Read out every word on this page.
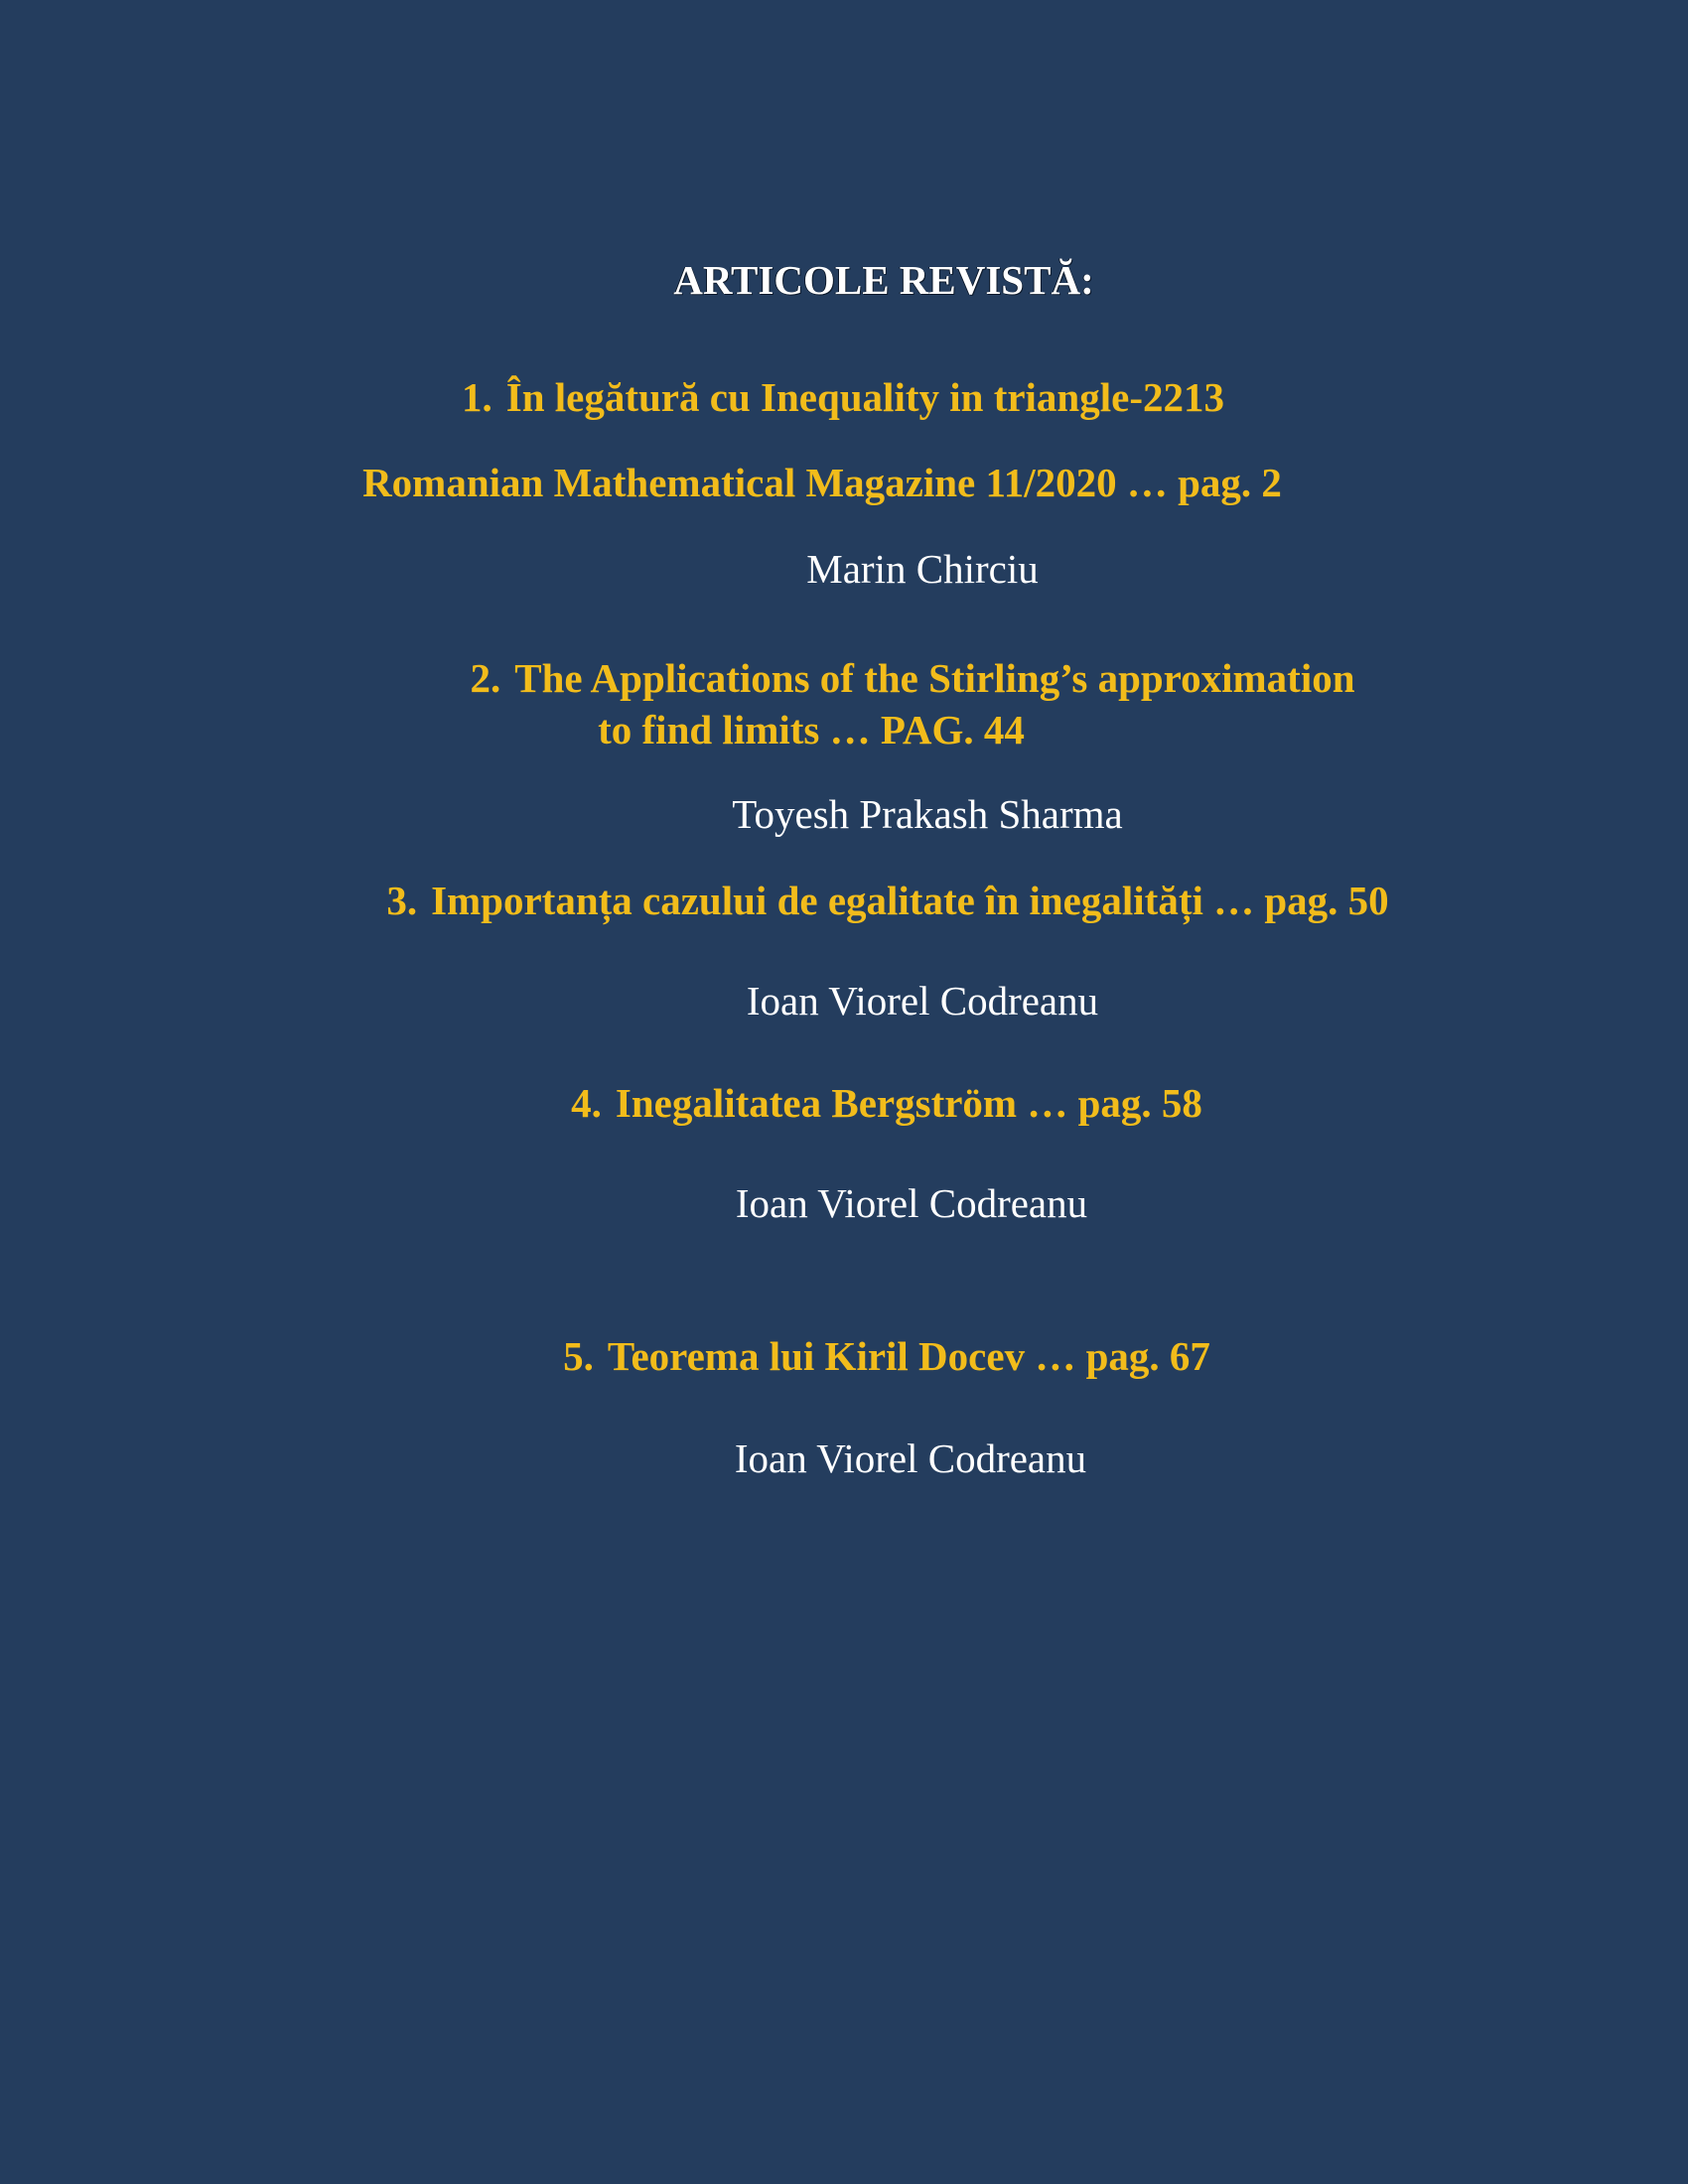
ARTICOLE REVISTĂ:
1. În legătură cu Inequality in triangle-2213
Romanian Mathematical Magazine 11/2020 … pag. 2
Marin Chirciu
2. The Applications of the Stirling’s approximation
to find limits … PAG. 44
Toyesh Prakash Sharma
3. Importanța cazului de egalitate în inegalități … pag. 50
Ioan Viorel Codreanu
4. Inegalitatea Bergström … pag. 58
Ioan Viorel Codreanu
5. Teorema lui Kiril Docev … pag. 67
Ioan Viorel Codreanu
